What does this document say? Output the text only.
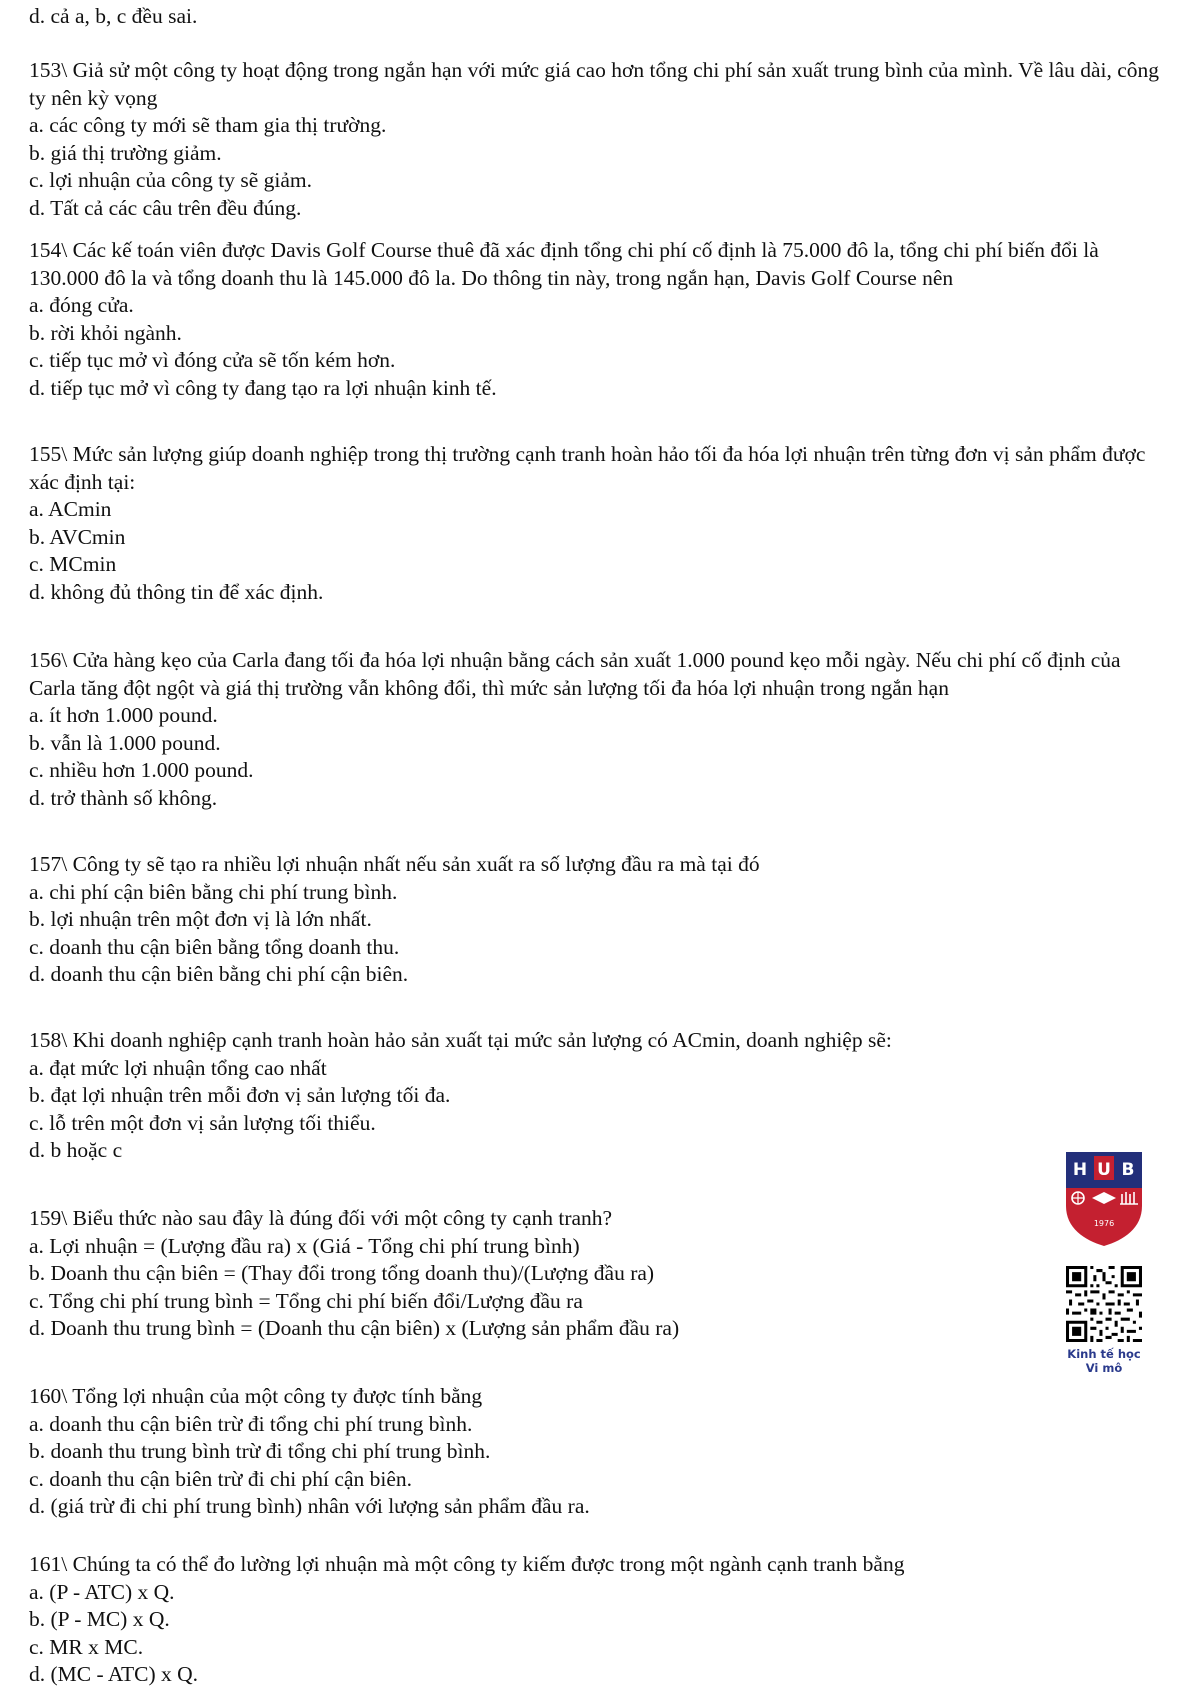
d. cả a, b, c đều sai.

153\ Giả sử một công ty hoạt động trong ngắn hạn với mức giá cao hơn tổng chi phí sản xuất trung bình của mình. Về lâu dài, công ty nên kỳ vọng

a. các công ty mới sẽ tham gia thị trường.

b. giá thị trường giảm.

c. lợi nhuận của công ty sẽ giảm.

d. Tất cả các câu trên đều đúng.

154\ Các kế toán viên được Davis Golf Course thuê đã xác định tổng chi phí cố định là 75.000 đô la, tổng chi phí biến đổi là 130.000 đô la và tổng doanh thu là 145.000 đô la. Do thông tin này, trong ngắn hạn, Davis Golf Course nên

a. đóng cửa.

b. rời khỏi ngành.

c. tiếp tục mở vì đóng cửa sẽ tốn kém hơn.

d. tiếp tục mở vì công ty đang tạo ra lợi nhuận kinh tế.

155\ Mức sản lượng giúp doanh nghiệp trong thị trường cạnh tranh hoàn hảo tối đa hóa lợi nhuận trên từng đơn vị sản phẩm được xác định tại:

a. ACmin

b. AVCmin

c. MCmin

d. không đủ thông tin để xác định.

156\ Cửa hàng kẹo của Carla đang tối đa hóa lợi nhuận bằng cách sản xuất 1.000 pound kẹo mỗi ngày. Nếu chi phí cố định của Carla tăng đột ngột và giá thị trường vẫn không đổi, thì mức sản lượng tối đa hóa lợi nhuận trong ngắn hạn

a. ít hơn 1.000 pound.

b. vẫn là 1.000 pound.

c. nhiều hơn 1.000 pound.

d. trở thành số không.

157\ Công ty sẽ tạo ra nhiều lợi nhuận nhất nếu sản xuất ra số lượng đầu ra mà tại đó

a. chi phí cận biên bằng chi phí trung bình.

b. lợi nhuận trên một đơn vị là lớn nhất.

c. doanh thu cận biên bằng tổng doanh thu.

d. doanh thu cận biên bằng chi phí cận biên.

158\ Khi doanh nghiệp cạnh tranh hoàn hảo sản xuất tại mức sản lượng có ACmin, doanh nghiệp sẽ:

a. đạt mức lợi nhuận tổng cao nhất

b. đạt lợi nhuận trên mỗi đơn vị sản lượng tối đa.

c. lỗ trên một đơn vị sản lượng tối thiểu.

d. b hoặc c

159\ Biểu thức nào sau đây là đúng đối với một công ty cạnh tranh?

a. Lợi nhuận = (Lượng đầu ra) x (Giá - Tổng chi phí trung bình)

b. Doanh thu cận biên = (Thay đổi trong tổng doanh thu)/(Lượng đầu ra)

c. Tổng chi phí trung bình = Tổng chi phí biến đổi/Lượng đầu ra

d. Doanh thu trung bình = (Doanh thu cận biên) x (Lượng sản phẩm đầu ra)

160\ Tổng lợi nhuận của một công ty được tính bằng

a. doanh thu cận biên trừ đi tổng chi phí trung bình.

b. doanh thu trung bình trừ đi tổng chi phí trung bình.

c. doanh thu cận biên trừ đi chi phí cận biên.

d. (giá trừ đi chi phí trung bình) nhân với lượng sản phẩm đầu ra.

161\ Chúng ta có thể đo lường lợi nhuận mà một công ty kiếm được trong một ngành cạnh tranh bằng

a. (P - ATC) x Q.

b. (P - MC) x Q.

c. MR x MC.

d. (MC - ATC) x Q.

H U B
1976
Kinh tế học
Vi mô
